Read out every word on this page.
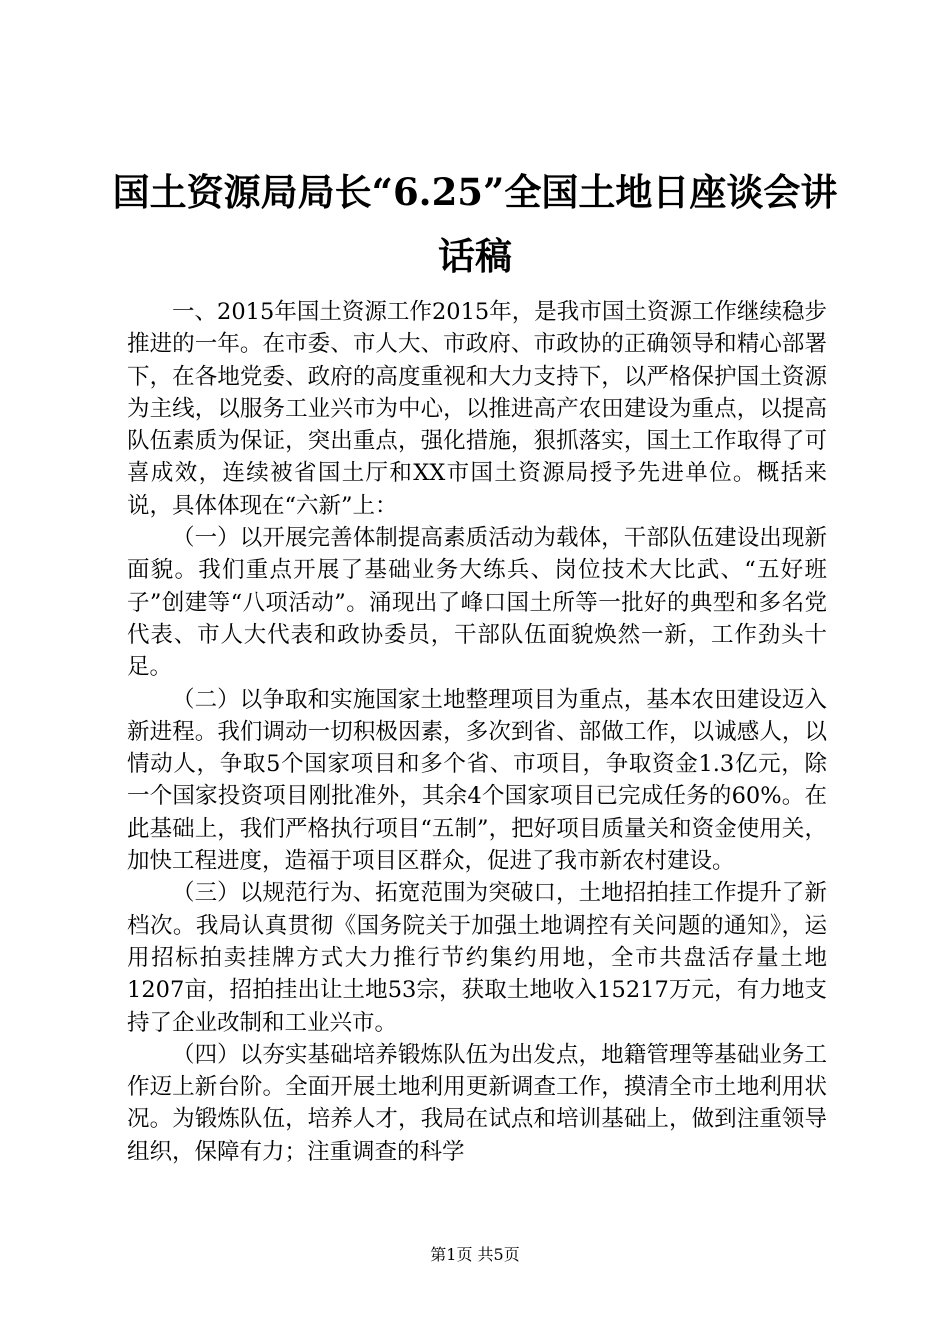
国土资源局局长“6.25”全国土地日座谈会讲话稿

一、2015年国土资源工作2015年，是我市国土资源工作继续稳步推进的一年。在市委、市人大、市政府、市政协的正确领导和精心部署下，在各地党委、政府的高度重视和大力支持下，以严格保护国土资源为主线，以服务工业兴市为中心，以推进高产农田建设为重点，以提高队伍素质为保证，突出重点，强化措施，狠抓落实，国土工作取得了可喜成效，连续被省国土厅和XX市国土资源局授予先进单位。概括来说，具体体现在“六新”上：

（一）以开展完善体制提高素质活动为载体，干部队伍建设出现新面貌。我们重点开展了基础业务大练兵、岗位技术大比武、“五好班子”创建等“八项活动”。涌现出了峰口国土所等一批好的典型和多名党代表、市人大代表和政协委员，干部队伍面貌焕然一新，工作劲头十足。

（二）以争取和实施国家土地整理项目为重点，基本农田建设迈入新进程。我们调动一切积极因素，多次到省、部做工作，以诚感人，以情动人，争取5个国家项目和多个省、市项目，争取资金1.3亿元，除一个国家投资项目刚批准外，其余4个国家项目已完成任务的60%。在此基础上，我们严格执行项目“五制”，把好项目质量关和资金使用关，加快工程进度，造福于项目区群众，促进了我市新农村建设。

（三）以规范行为、拓宽范围为突破口，土地招拍挂工作提升了新档次。我局认真贯彻《国务院关于加强土地调控有关问题的通知》，运用招标拍卖挂牌方式大力推行节约集约用地，全市共盘活存量土地1207亩，招拍挂出让土地53宗，获取土地收入15217万元，有力地支持了企业改制和工业兴市。

（四）以夯实基础培养锻炼队伍为出发点，地籍管理等基础业务工作迈上新台阶。全面开展土地利用更新调查工作，摸清全市土地利用状况。为锻炼队伍，培养人才，我局在试点和培训基础上，做到注重领导组织，保障有力；注重调查的科学

第1页 共5页
